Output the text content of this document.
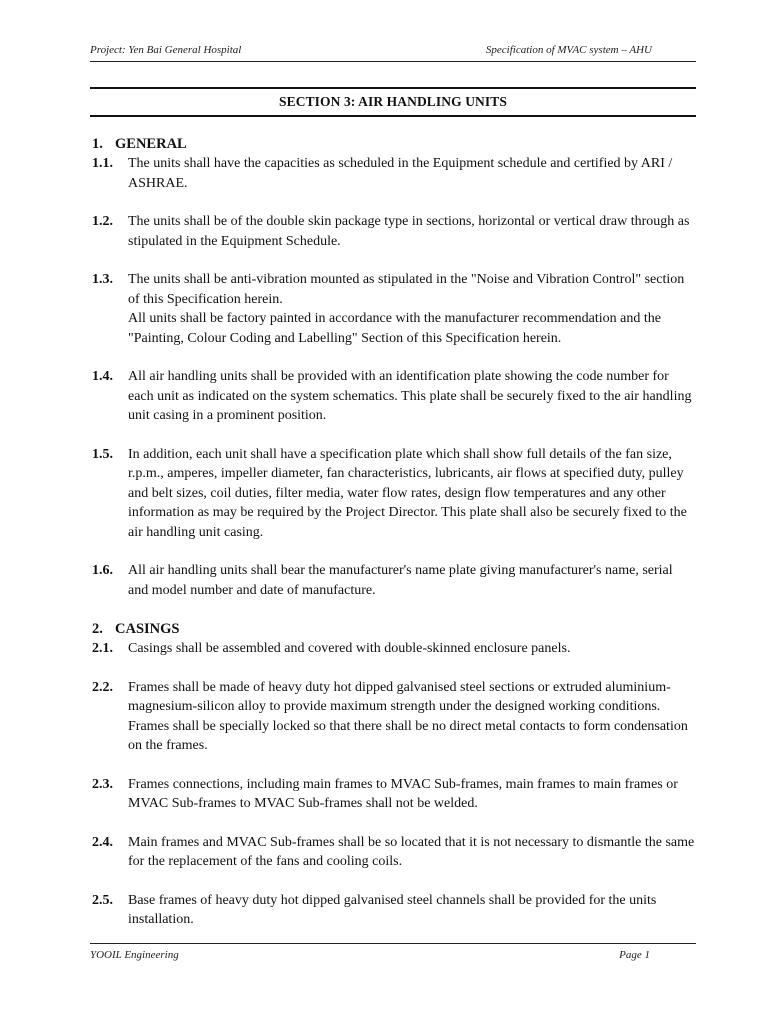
Project: Yen Bai General Hospital	Specification of MVAC system – AHU
SECTION 3: AIR HANDLING UNITS
1. GENERAL
1.1.	The units shall have the capacities as scheduled in the Equipment schedule and certified by ARI / ASHRAE.

1.2.	The units shall be of the double skin package type in sections, horizontal or vertical draw through as stipulated in the Equipment Schedule.

1.3.	The units shall be anti-vibration mounted as stipulated in the "Noise and Vibration Control" section of this Specification herein.

All units shall be factory painted in accordance with the manufacturer recommendation and the "Painting, Colour Coding and Labelling" Section of this Specification herein.

1.4.	All air handling units shall be provided with an identification plate showing the code number for each unit as indicated on the system schematics. This plate shall be securely fixed to the air handling unit casing in a prominent position.

1.5.	In addition, each unit shall have a specification plate which shall show full details of the fan size, r.p.m., amperes, impeller diameter, fan characteristics, lubricants, air flows at specified duty, pulley and belt sizes, coil duties, filter media, water flow rates, design flow temperatures and any other information as may be required by the Project Director. This plate shall also be securely fixed to the air handling unit casing.

1.6.	All air handling units shall bear the manufacturer's name plate giving manufacturer's name, serial and model number and date of manufacture.

2. CASINGS
2.1.	Casings shall be assembled and covered with double-skinned enclosure panels.

2.2.	Frames shall be made of heavy duty hot dipped galvanised steel sections or extruded aluminium- magnesium-silicon alloy to provide maximum strength under the designed working conditions. Frames shall be specially locked so that there shall be no direct metal contacts to form condensation on the frames.

2.3.	Frames connections, including main frames to MVAC Sub-frames, main frames to main frames or MVAC Sub-frames to MVAC Sub-frames shall not be welded.

2.4.	Main frames and MVAC Sub-frames shall be so located that it is not necessary to dismantle the same for the replacement of the fans and cooling coils.

2.5.	Base frames of heavy duty hot dipped galvanised steel channels shall be provided for the units installation.

YOOIL Engineering	Page 1
